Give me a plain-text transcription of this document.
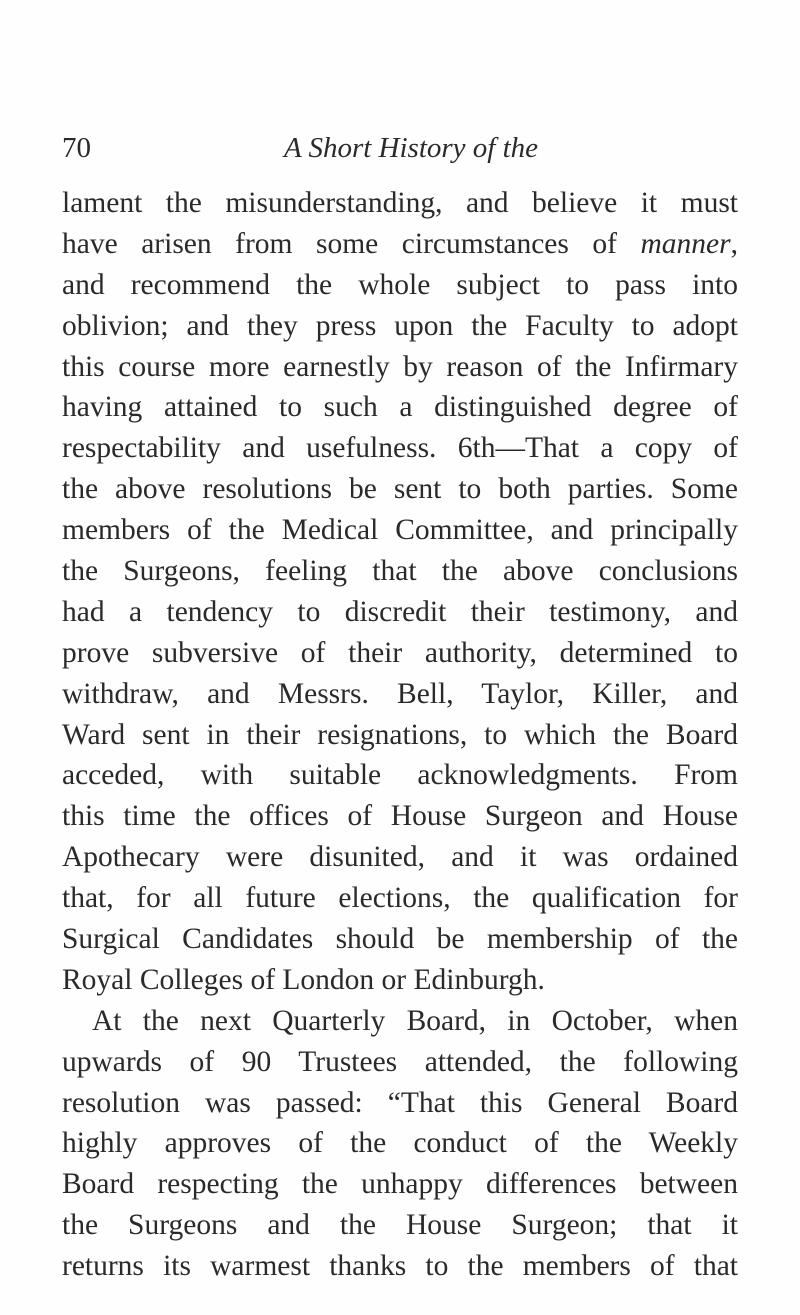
70	A Short History of the
lament the misunderstanding, and believe it must
have arisen from some circumstances of manner,
and recommend the whole subject to pass into
oblivion; and they press upon the Faculty to adopt
this course more earnestly by reason of the Infirmary
having attained to such a distinguished degree of
respectability and usefulness. 6th—That a copy of
the above resolutions be sent to both parties. Some
members of the Medical Committee, and principally
the Surgeons, feeling that the above conclusions
had a tendency to discredit their testimony, and
prove subversive of their authority, determined to
withdraw, and Messrs. Bell, Taylor, Killer, and
Ward sent in their resignations, to which the Board
acceded, with suitable acknowledgments. From
this time the offices of House Surgeon and House
Apothecary were disunited, and it was ordained
that, for all future elections, the qualification for
Surgical Candidates should be membership of the
Royal Colleges of London or Edinburgh.
At the next Quarterly Board, in October, when
upwards of 90 Trustees attended, the following
resolution was passed: “That this General Board
highly approves of the conduct of the Weekly
Board respecting the unhappy differences between
the Surgeons and the House Surgeon; that it
returns its warmest thanks to the members of that
